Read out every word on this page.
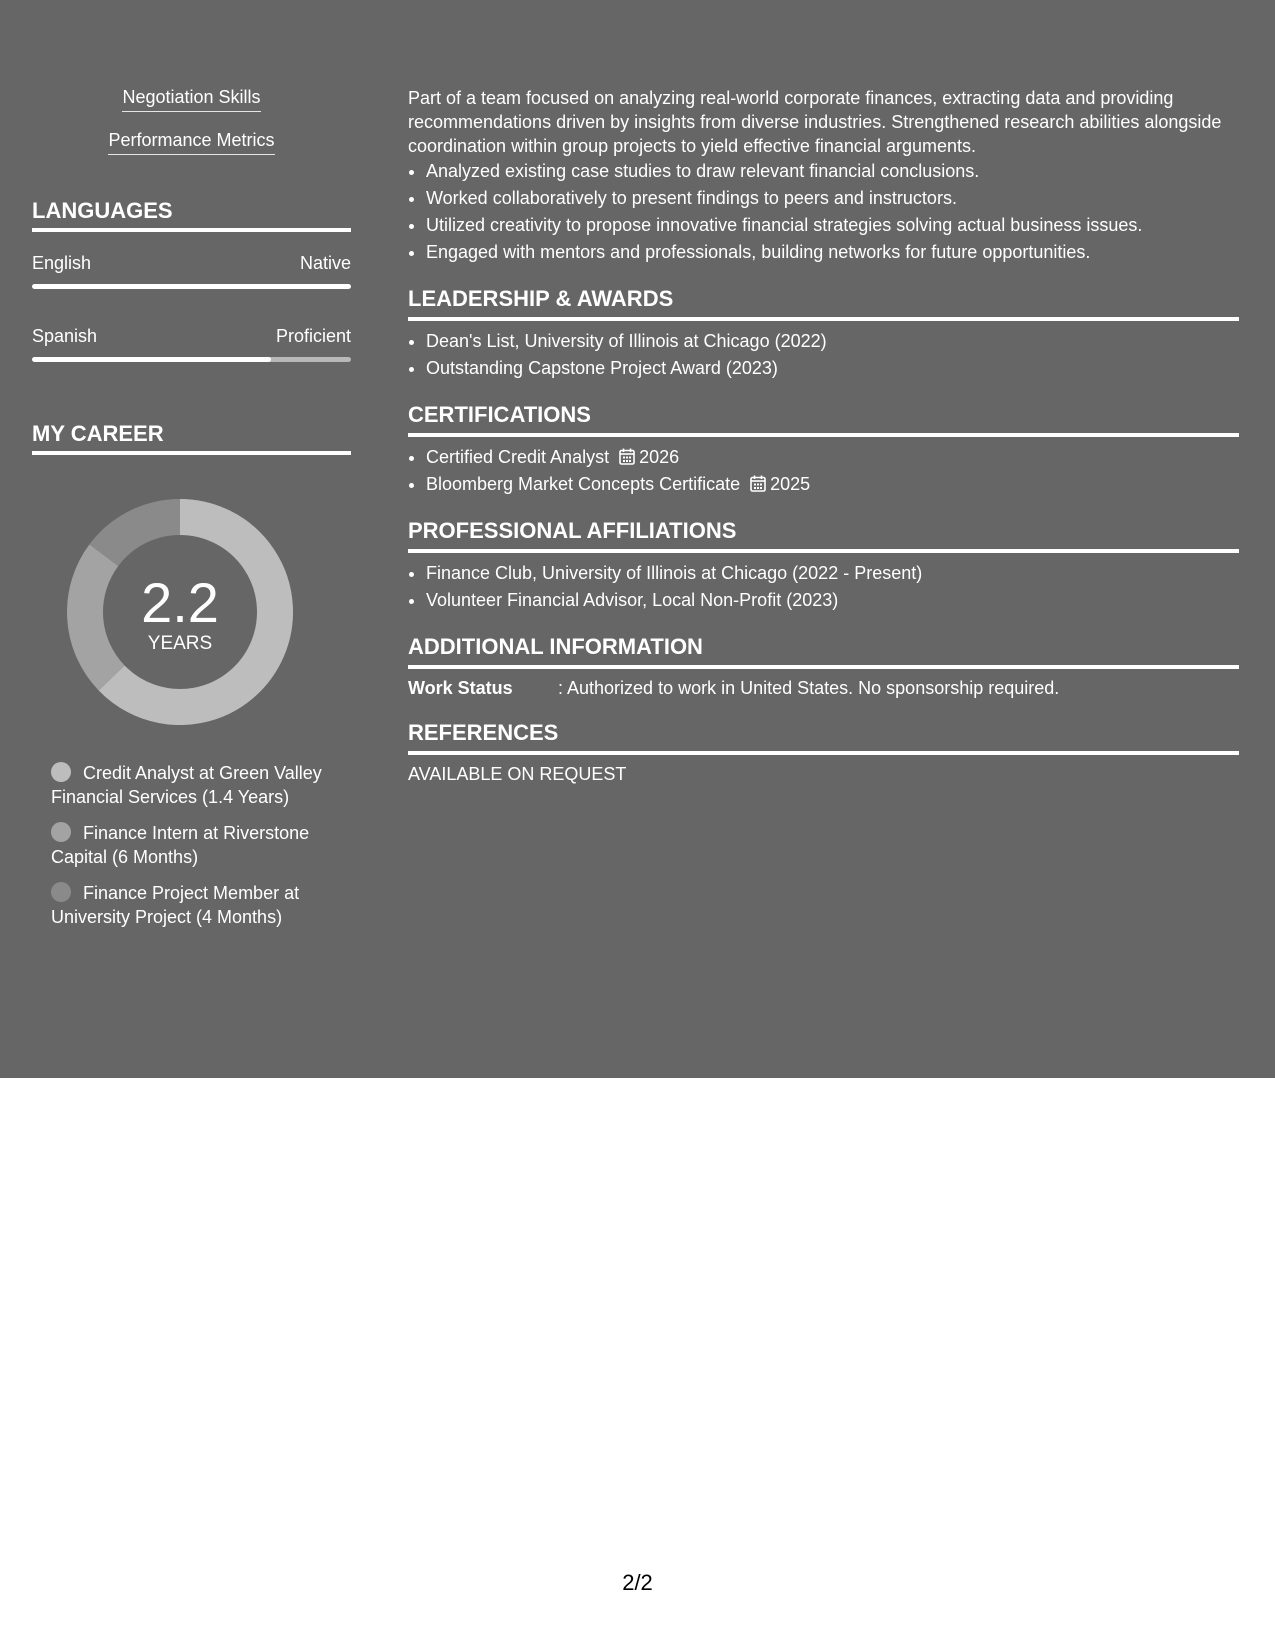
Negotiation Skills
Performance Metrics
LANGUAGES
English	Native
Spanish	Proficient
MY CAREER
2.2
YEARS
Credit Analyst at Green Valley Financial Services (1.4 Years)
Finance Intern at Riverstone Capital (6 Months)
Finance Project Member at University Project (4 Months)

Part of a team focused on analyzing real-world corporate finances, extracting data and providing recommendations driven by insights from diverse industries. Strengthened research abilities alongside coordination within group projects to yield effective financial arguments.

• Analyzed existing case studies to draw relevant financial conclusions.
• Worked collaboratively to present findings to peers and instructors.
• Utilized creativity to propose innovative financial strategies solving actual business issues.
• Engaged with mentors and professionals, building networks for future opportunities.
LEADERSHIP & AWARDS
• Dean's List, University of Illinois at Chicago (2022)
• Outstanding Capstone Project Award (2023)
CERTIFICATIONS
• Certified Credit Analyst 2026
• Bloomberg Market Concepts Certificate 2025
PROFESSIONAL AFFILIATIONS
• Finance Club, University of Illinois at Chicago (2022 - Present)
• Volunteer Financial Advisor, Local Non-Profit (2023)
ADDITIONAL INFORMATION
Work Status	: Authorized to work in United States. No sponsorship required.
REFERENCES
AVAILABLE ON REQUEST
2/2
